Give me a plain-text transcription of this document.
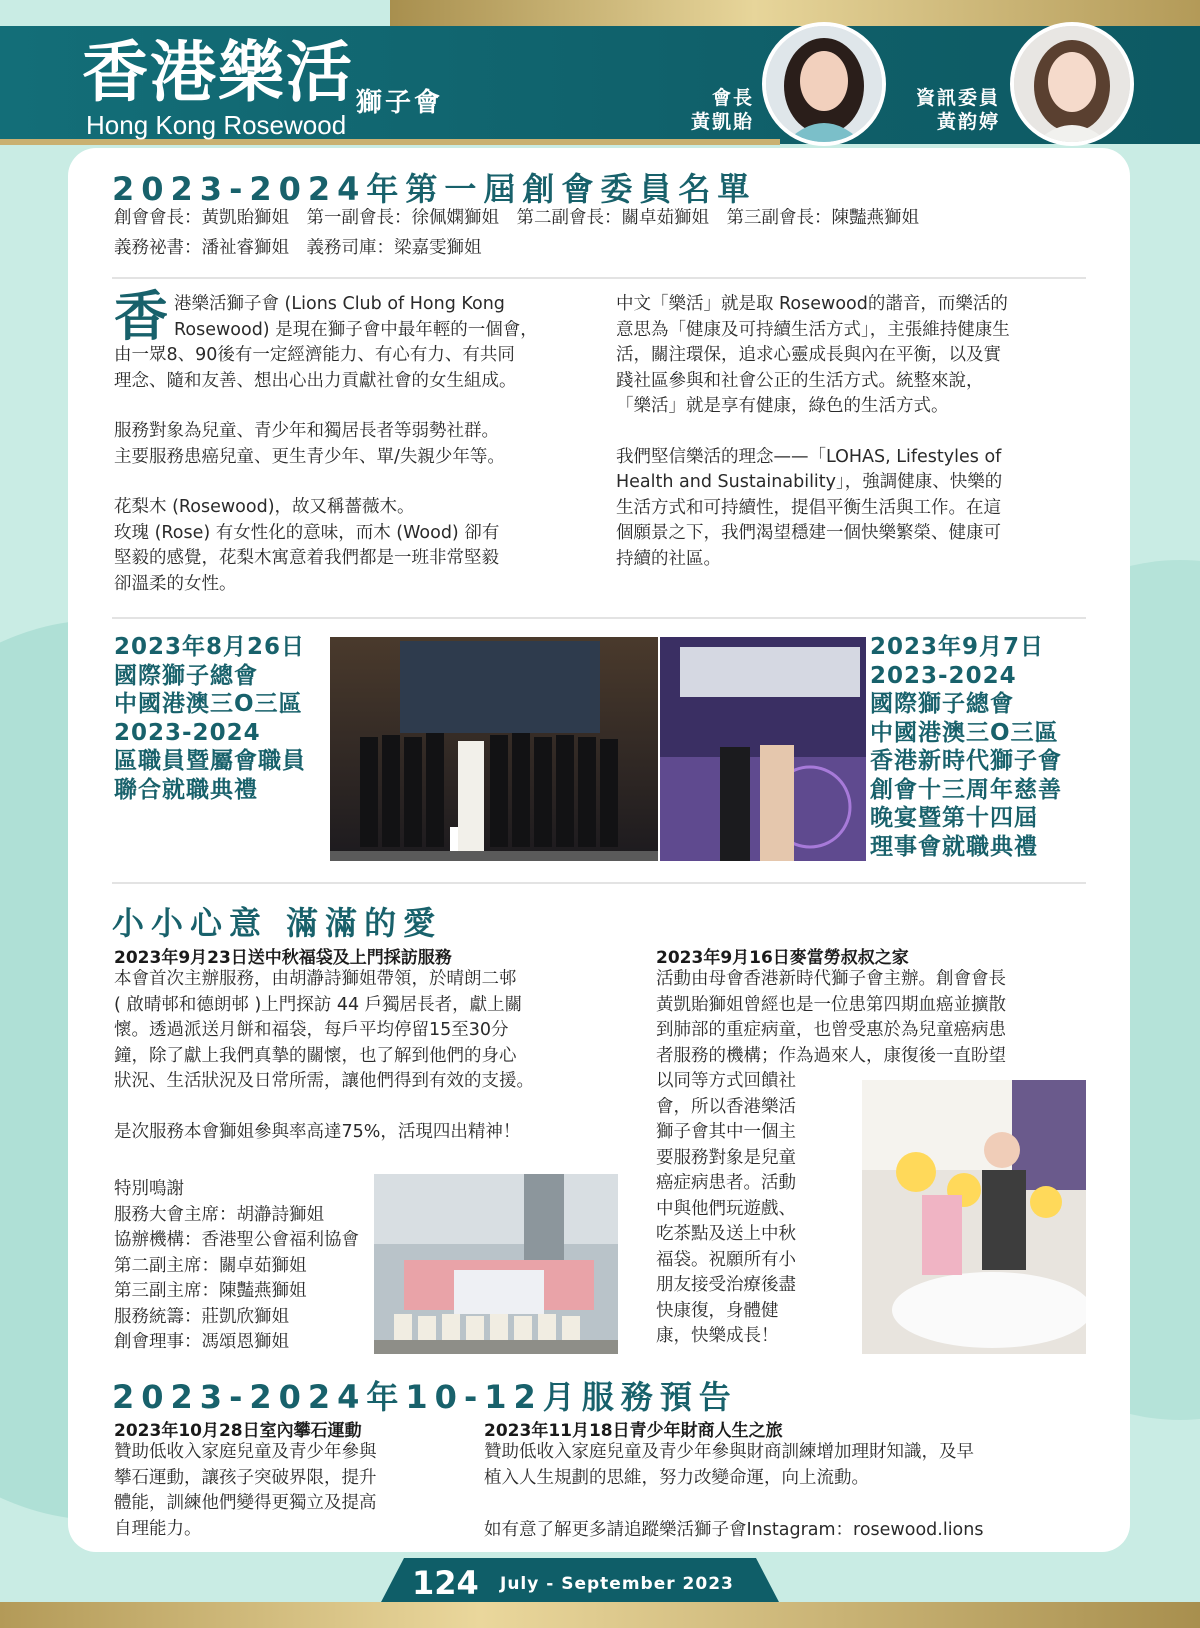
香港樂活 獅子會
Hong Kong Rosewood
會長
黃凱貽
資訊委員
黃韵婷
2023-2024年第一屆創會委員名單
創會會長：黃凱貽獅姐　第一副會長：徐佩嫻獅姐　第二副會長：關卓茹獅姐　第三副會長：陳豔燕獅姐
義務祕書：潘祉睿獅姐　義務司庫：梁嘉雯獅姐
香 港樂活獅子會 (Lions Club of Hong Kong
Rosewood) 是現在獅子會中最年輕的一個會，
由一眾8、90後有一定經濟能力、有心有力、有共同
理念、隨和友善、想出心出力貢獻社會的女生組成。
服務對象為兒童、青少年和獨居長者等弱勢社群。
主要服務患癌兒童、更生青少年、單/失親少年等。
花梨木 (Rosewood)，故又稱薔薇木。
玫瑰 (Rose) 有女性化的意味，而木 (Wood) 卻有
堅毅的感覺，花梨木寓意着我們都是一班非常堅毅
卻溫柔的女性。
中文「樂活」就是取 Rosewood的諧音，而樂活的
意思為「健康及可持續生活方式」，主張維持健康生
活，關注環保，追求心靈成長與內在平衡，以及實
踐社區參與和社會公正的生活方式。統整來說，
「樂活」就是享有健康，綠色的生活方式。
我們堅信樂活的理念——「LOHAS, Lifestyles of
Health and Sustainability」，強調健康、快樂的
生活方式和可持續性，提倡平衡生活與工作。在這
個願景之下，我們渴望穩建一個快樂繁榮、健康可
持續的社區。
2023年8月26日
國際獅子總會
中國港澳三O三區
2023-2024
區職員暨屬會職員
聯合就職典禮
2023年9月7日
2023-2024
國際獅子總會
中國港澳三O三區
香港新時代獅子會
創會十三周年慈善
晚宴暨第十四屆
理事會就職典禮
小小心意 滿滿的愛
2023年9月23日送中秋福袋及上門採訪服務
本會首次主辦服務，由胡瀞詩獅姐帶領，於晴朗二邨
( 啟晴邨和德朗邨 )上門探訪 44 戶獨居長者，獻上關
懷。透過派送月餅和福袋，每戶平均停留15至30分
鐘，除了獻上我們真摯的關懷，也了解到他們的身心
狀況、生活狀況及日常所需，讓他們得到有效的支援。
是次服務本會獅姐參與率高達75%，活現四出精神！
特別鳴謝
服務大會主席：胡瀞詩獅姐
協辦機構：香港聖公會福利協會
第二副主席：關卓茹獅姐
第三副主席：陳豔燕獅姐
服務統籌：莊凱欣獅姐
創會理事：馮頌恩獅姐
2023年9月16日麥當勞叔叔之家
活動由母會香港新時代獅子會主辦。創會會長
黃凱貽獅姐曾經也是一位患第四期血癌並擴散
到肺部的重症病童，也曾受惠於為兒童癌病患
者服務的機構；作為過來人，康復後一直盼望
以同等方式回饋社
會，所以香港樂活
獅子會其中一個主
要服務對象是兒童
癌症病患者。活動
中與他們玩遊戲、
吃茶點及送上中秋
福袋。祝願所有小
朋友接受治療後盡
快康復，身體健
康，快樂成長！
2023-2024年10-12月服務預告
2023年10月28日室內攀石運動
贊助低收入家庭兒童及青少年參與
攀石運動，讓孩子突破界限，提升
體能，訓練他們變得更獨立及提高
自理能力。
2023年11月18日青少年財商人生之旅
贊助低收入家庭兒童及青少年參與財商訓練增加理財知識，及早
植入人生規劃的思維，努力改變命運，向上流動。
如有意了解更多請追蹤樂活獅子會Instagram：rosewood.lions
124 July - September 2023
